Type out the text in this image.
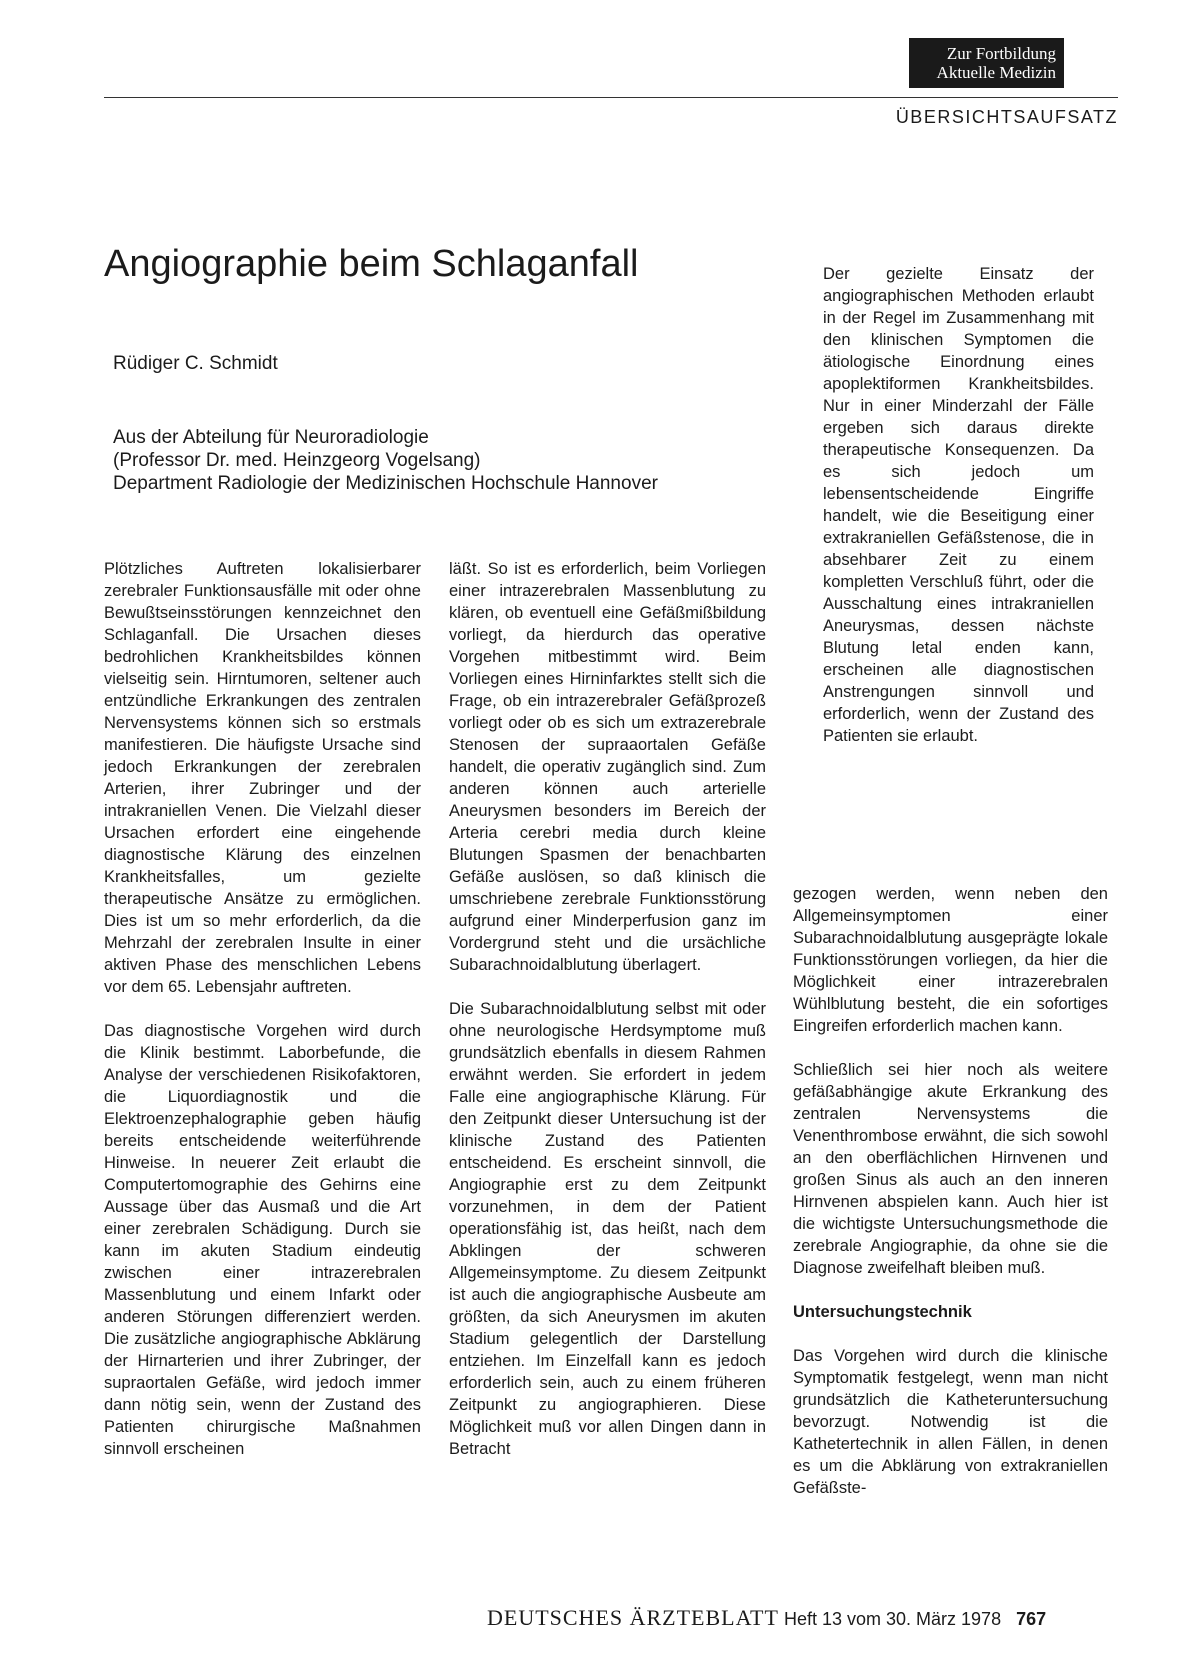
Zur Fortbildung
Aktuelle Medizin
ÜBERSICHTSAUFSATZ
Angiographie beim Schlaganfall
Rüdiger C. Schmidt
Aus der Abteilung für Neuroradiologie
(Professor Dr. med. Heinzgeorg Vogelsang)
Department Radiologie der Medizinischen Hochschule Hannover

Plötzliches Auftreten lokalisierbarer zerebraler Funktionsausfälle mit oder ohne Bewußtseinsstörungen kennzeichnet den Schlaganfall. Die Ursachen dieses bedrohlichen Krankheitsbildes können vielseitig sein. Hirntumoren, seltener auch entzündliche Erkrankungen des zentralen Nervensystems können sich so erstmals manifestieren. Die häufigste Ursache sind jedoch Erkrankungen der zerebralen Arterien, ihrer Zubringer und der intrakraniellen Venen. Die Vielzahl dieser Ursachen erfordert eine eingehende diagnostische Klärung des einzelnen Krankheitsfalles, um gezielte therapeutische Ansätze zu ermöglichen. Dies ist um so mehr erforderlich, da die Mehrzahl der zerebralen Insulte in einer aktiven Phase des menschlichen Lebens vor dem 65. Lebensjahr auftreten.

Das diagnostische Vorgehen wird durch die Klinik bestimmt. Laborbefunde, die Analyse der verschiedenen Risikofaktoren, die Liquordiagnostik und die Elektroenzephalographie geben häufig bereits entscheidende weiterführende Hinweise. In neuerer Zeit erlaubt die Computertomographie des Gehirns eine Aussage über das Ausmaß und die Art einer zerebralen Schädigung. Durch sie kann im akuten Stadium eindeutig zwischen einer intrazerebralen Massenblutung und einem Infarkt oder anderen Störungen differenziert werden. Die zusätzliche angiographische Abklärung der Hirnarterien und ihrer Zubringer, der supraortalen Gefäße, wird jedoch immer dann nötig sein, wenn der Zustand des Patienten chirurgische Maßnahmen sinnvoll erscheinen

läßt. So ist es erforderlich, beim Vorliegen einer intrazerebralen Massenblutung zu klären, ob eventuell eine Gefäßmißbildung vorliegt, da hierdurch das operative Vorgehen mitbestimmt wird. Beim Vorliegen eines Hirninfarktes stellt sich die Frage, ob ein intrazerebraler Gefäßprozeß vorliegt oder ob es sich um extrazerebrale Stenosen der supraaortalen Gefäße handelt, die operativ zugänglich sind. Zum anderen können auch arterielle Aneurysmen besonders im Bereich der Arteria cerebri media durch kleine Blutungen Spasmen der benachbarten Gefäße auslösen, so daß klinisch die umschriebene zerebrale Funktionsstörung aufgrund einer Minderperfusion ganz im Vordergrund steht und die ursächliche Subarachnoidalblutung überlagert.

Die Subarachnoidalblutung selbst mit oder ohne neurologische Herdsymptome muß grundsätzlich ebenfalls in diesem Rahmen erwähnt werden. Sie erfordert in jedem Falle eine angiographische Klärung. Für den Zeitpunkt dieser Untersuchung ist der klinische Zustand des Patienten entscheidend. Es erscheint sinnvoll, die Angiographie erst zu dem Zeitpunkt vorzunehmen, in dem der Patient operationsfähig ist, das heißt, nach dem Abklingen der schweren Allgemeinsymptome. Zu diesem Zeitpunkt ist auch die angiographische Ausbeute am größten, da sich Aneurysmen im akuten Stadium gelegentlich der Darstellung entziehen. Im Einzelfall kann es jedoch erforderlich sein, auch zu einem früheren Zeitpunkt zu angiographieren. Diese Möglichkeit muß vor allen Dingen dann in Betracht

Der gezielte Einsatz der angiographischen Methoden erlaubt in der Regel im Zusammenhang mit den klinischen Symptomen die ätiologische Einordnung eines apoplektiformen Krankheitsbildes. Nur in einer Minderzahl der Fälle ergeben sich daraus direkte therapeutische Konsequenzen. Da es sich jedoch um lebensentscheidende Eingriffe handelt, wie die Beseitigung einer extrakraniellen Gefäßstenose, die in absehbarer Zeit zu einem kompletten Verschluß führt, oder die Ausschaltung eines intrakraniellen Aneurysmas, dessen nächste Blutung letal enden kann, erscheinen alle diagnostischen Anstrengungen sinnvoll und erforderlich, wenn der Zustand des Patienten sie erlaubt.

gezogen werden, wenn neben den Allgemeinsymptomen einer Subarachnoidalblutung ausgeprägte lokale Funktionsstörungen vorliegen, da hier die Möglichkeit einer intrazerebralen Wühlblutung besteht, die ein sofortiges Eingreifen erforderlich machen kann.

Schließlich sei hier noch als weitere gefäßabhängige akute Erkrankung des zentralen Nervensystems die Venenthrombose erwähnt, die sich sowohl an den oberflächlichen Hirnvenen und großen Sinus als auch an den inneren Hirnvenen abspielen kann. Auch hier ist die wichtigste Untersuchungsmethode die zerebrale Angiographie, da ohne sie die Diagnose zweifelhaft bleiben muß.

Untersuchungstechnik

Das Vorgehen wird durch die klinische Symptomatik festgelegt, wenn man nicht grundsätzlich die Katheteruntersuchung bevorzugt. Notwendig ist die Kathetertechnik in allen Fällen, in denen es um die Abklärung von extrakraniellen Gefäßste-

DEUTSCHES ÄRZTEBLATT Heft 13 vom 30. März 1978 767
